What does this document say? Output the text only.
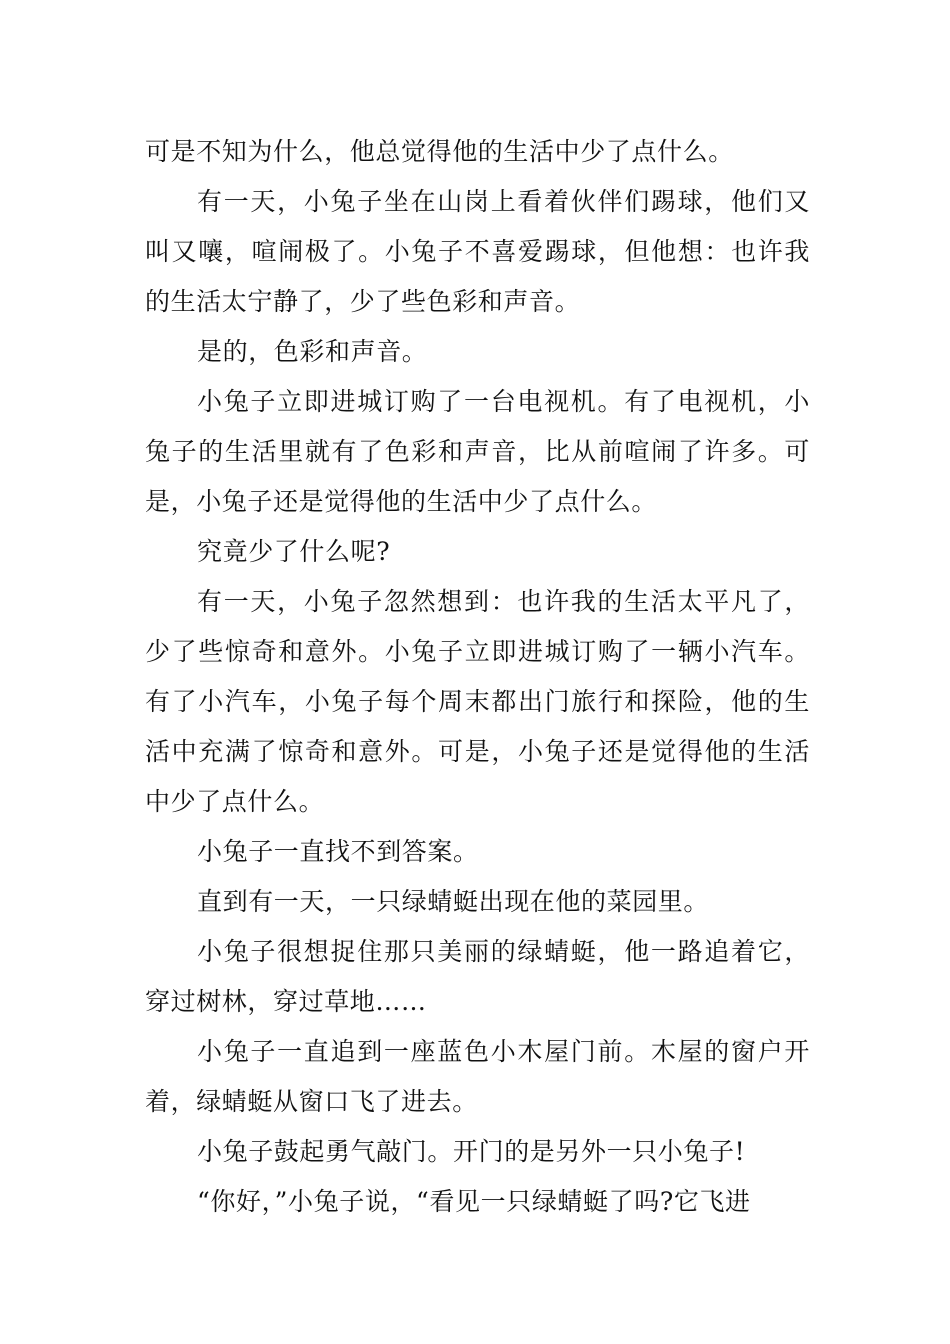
可是不知为什么，他总觉得他的生活中少了点什么。

有一天，小兔子坐在山岗上看着伙伴们踢球，他们又叫又嚷，喧闹极了。小兔子不喜爱踢球，但他想：也许我的生活太宁静了，少了些色彩和声音。

是的，色彩和声音。

小兔子立即进城订购了一台电视机。有了电视机，小兔子的生活里就有了色彩和声音，比从前喧闹了许多。可是，小兔子还是觉得他的生活中少了点什么。

究竟少了什么呢?

有一天，小兔子忽然想到：也许我的生活太平凡了，少了些惊奇和意外。小兔子立即进城订购了一辆小汽车。有了小汽车，小兔子每个周末都出门旅行和探险，他的生活中充满了惊奇和意外。可是，小兔子还是觉得他的生活中少了点什么。

小兔子一直找不到答案。

直到有一天，一只绿蜻蜓出现在他的菜园里。

小兔子很想捉住那只美丽的绿蜻蜓，他一路追着它，穿过树林，穿过草地……

小兔子一直追到一座蓝色小木屋门前。木屋的窗户开着，绿蜻蜓从窗口飞了进去。

小兔子鼓起勇气敲门。开门的是另外一只小兔子!

“你好，”小兔子说，“看见一只绿蜻蜓了吗?它飞进
